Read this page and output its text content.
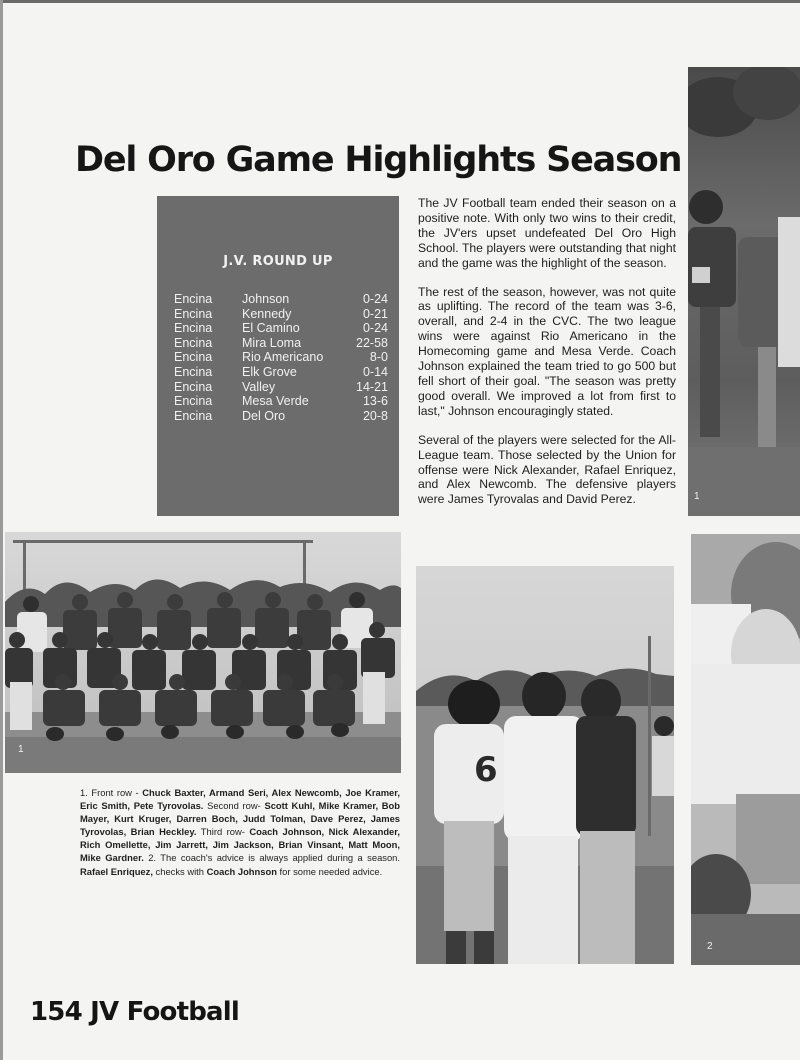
Del Oro Game Highlights Season
J.V. ROUND UP
Encina	Johnson	0-24
Encina	Kennedy	0-21
Encina	El Camino	0-24
Encina	Mira Loma	22-58
Encina	Rio Americano	8-0
Encina	Elk Grove	0-14
Encina	Valley	14-21
Encina	Mesa Verde	13-6
Encina	Del Oro	20-8

The JV Football team ended their season on a positive note. With only two wins to their credit, the JV'ers upset undefeated Del Oro High School. The players were outstanding that night and the game was the highlight of the season.

The rest of the season, however, was not quite as uplifting. The record of the team was 3-6, overall, and 2-4 in the CVC. The two league wins were against Rio Americano in the Homecoming game and Mesa Verde. Coach Johnson explained the team tried to go 500 but fell short of their goal. "The season was pretty good overall. We improved a lot from first to last," Johnson encouragingly stated.

Several of the players were selected for the All-League team. Those selected by the Union for offense were Nick Alexander, Rafael Enriquez, and Alex Newcomb. The defensive players were James Tyrovalas and David Perez.	1
1
6
2
1. Front row - Chuck Baxter, Armand Seri, Alex Newcomb, Joe Kramer, Eric Smith, Pete Tyrovolas. Second row- Scott Kuhl, Mike Kramer, Bob Mayer, Kurt Kruger, Darren Boch, Judd Tolman, Dave Perez, James Tyrovolas, Brian Heckley. Third row- Coach Johnson, Nick Alexander, Rich Omellette, Jim Jarrett, Jim Jackson, Brian Vinsant, Matt Moon, Mike Gardner. 2. The coach's advice is always applied during a season. Rafael Enriquez, checks with Coach Johnson for some needed advice.
154 JV Football
